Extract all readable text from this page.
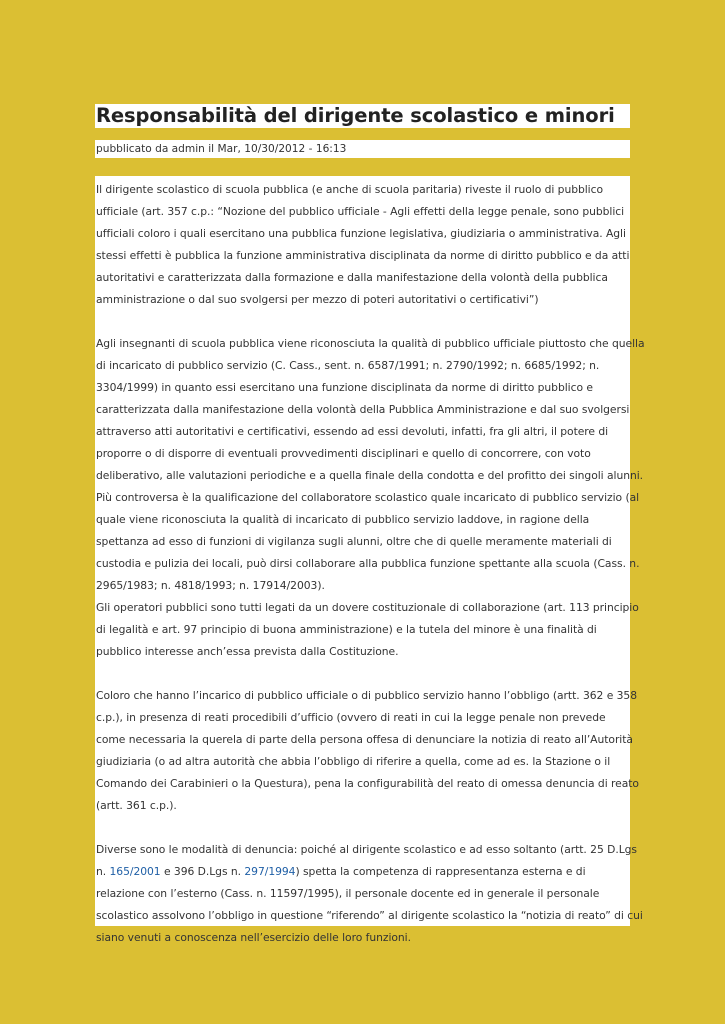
Responsabilità del dirigente scolastico e minori

pubblicato da admin il Mar, 10/30/2012 - 16:13

Il dirigente scolastico di scuola pubblica (e anche di scuola paritaria) riveste il ruolo di pubblico
ufficiale (art. 357 c.p.: “Nozione del pubblico ufficiale - Agli effetti della legge penale, sono pubblici
ufficiali coloro i quali esercitano una pubblica funzione legislativa, giudiziaria o amministrativa. Agli
stessi effetti è pubblica la funzione amministrativa disciplinata da norme di diritto pubblico e da atti
autoritativi e caratterizzata dalla formazione e dalla manifestazione della volontà della pubblica
amministrazione o dal suo svolgersi per mezzo di poteri autoritativi o certificativi”)
Agli insegnanti di scuola pubblica viene riconosciuta la qualità di pubblico ufficiale piuttosto che quella
di incaricato di pubblico servizio (C. Cass., sent. n. 6587/1991; n. 2790/1992; n. 6685/1992; n.
3304/1999) in quanto essi esercitano una funzione disciplinata da norme di diritto pubblico e
caratterizzata dalla manifestazione della volontà della Pubblica Amministrazione e dal suo svolgersi
attraverso atti autoritativi e certificativi, essendo ad essi devoluti, infatti, fra gli altri, il potere di
proporre o di disporre di eventuali provvedimenti disciplinari e quello di concorrere, con voto
deliberativo, alle valutazioni periodiche e a quella finale della condotta e del profitto dei singoli alunni.
Più controversa è la qualificazione del collaboratore scolastico quale incaricato di pubblico servizio (al
quale viene riconosciuta la qualità di incaricato di pubblico servizio laddove, in ragione della
spettanza ad esso di funzioni di vigilanza sugli alunni, oltre che di quelle meramente materiali di
custodia e pulizia dei locali, può dirsi collaborare alla pubblica funzione spettante alla scuola (Cass. n.
2965/1983; n. 4818/1993; n. 17914/2003).
Gli operatori pubblici sono tutti legati da un dovere costituzionale di collaborazione (art. 113 principio
di legalità e art. 97 principio di buona amministrazione) e la tutela del minore è una finalità di
pubblico interesse anch’essa prevista dalla Costituzione.
Coloro che hanno l’incarico di pubblico ufficiale o di pubblico servizio hanno l’obbligo (artt. 362 e 358
c.p.), in presenza di reati procedibili d’ufficio (ovvero di reati in cui la legge penale non prevede
come necessaria la querela di parte della persona offesa di denunciare la notizia di reato all’Autorità
giudiziaria (o ad altra autorità che abbia l’obbligo di riferire a quella, come ad es. la Stazione o il
Comando dei Carabinieri o la Questura), pena la configurabilità del reato di omessa denuncia di reato
(artt. 361 c.p.).
Diverse sono le modalità di denuncia: poiché al dirigente scolastico e ad esso soltanto (artt. 25 D.Lgs
n. 165/2001 e 396 D.Lgs n. 297/1994) spetta la competenza di rappresentanza esterna e di
relazione con l’esterno (Cass. n. 11597/1995), il personale docente ed in generale il personale
scolastico assolvono l’obbligo in questione “riferendo” al dirigente scolastico la “notizia di reato” di cui
siano venuti a conoscenza nell’esercizio delle loro funzioni.
